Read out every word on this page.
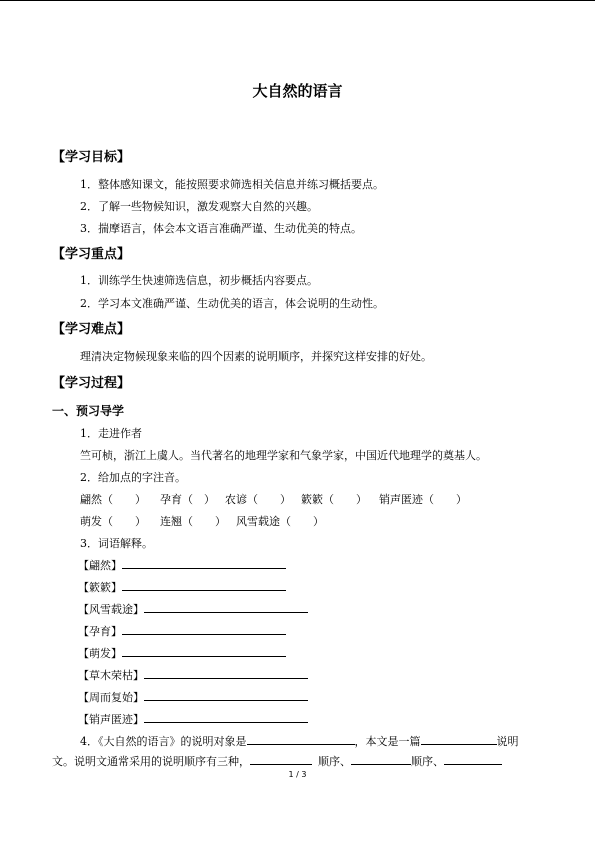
大自然的语言
【学习目标】
1．整体感知课文，能按照要求筛选相关信息并练习概括要点。
2．了解一些物候知识，激发观察大自然的兴趣。
3．揣摩语言，体会本文语言准确严谨、生动优美的特点。
【学习重点】
1．训练学生快速筛选信息，初步概括内容要点。
2．学习本文准确严谨、生动优美的语言，体会说明的生动性。
【学习难点】
理清决定物候现象来临的四个因素的说明顺序，并探究这样安排的好处。
【学习过程】
一、预习导学
1．走进作者
竺可桢，浙江上虞人。当代著名的地理学家和气象学家，中国近代地理学的奠基人。
2．给加点的字注音。
翩然（　　） 孕育（　） 农谚（　　） 簌簌（　　） 销声匿迹（　　）
萌发（　　） 连翘（　　） 风雪载途（　　）
3．词语解释。
【翩然】
【簌簌】
【风雪载途】
【孕育】
【萌发】
【草木荣枯】
【周而复始】
【销声匿迹】
4．《大自然的语言》的说明对象是	，本文是一篇	说明
文。说明文通常采用的说明顺序有三种，	顺序、	顺序、
1 / 3
